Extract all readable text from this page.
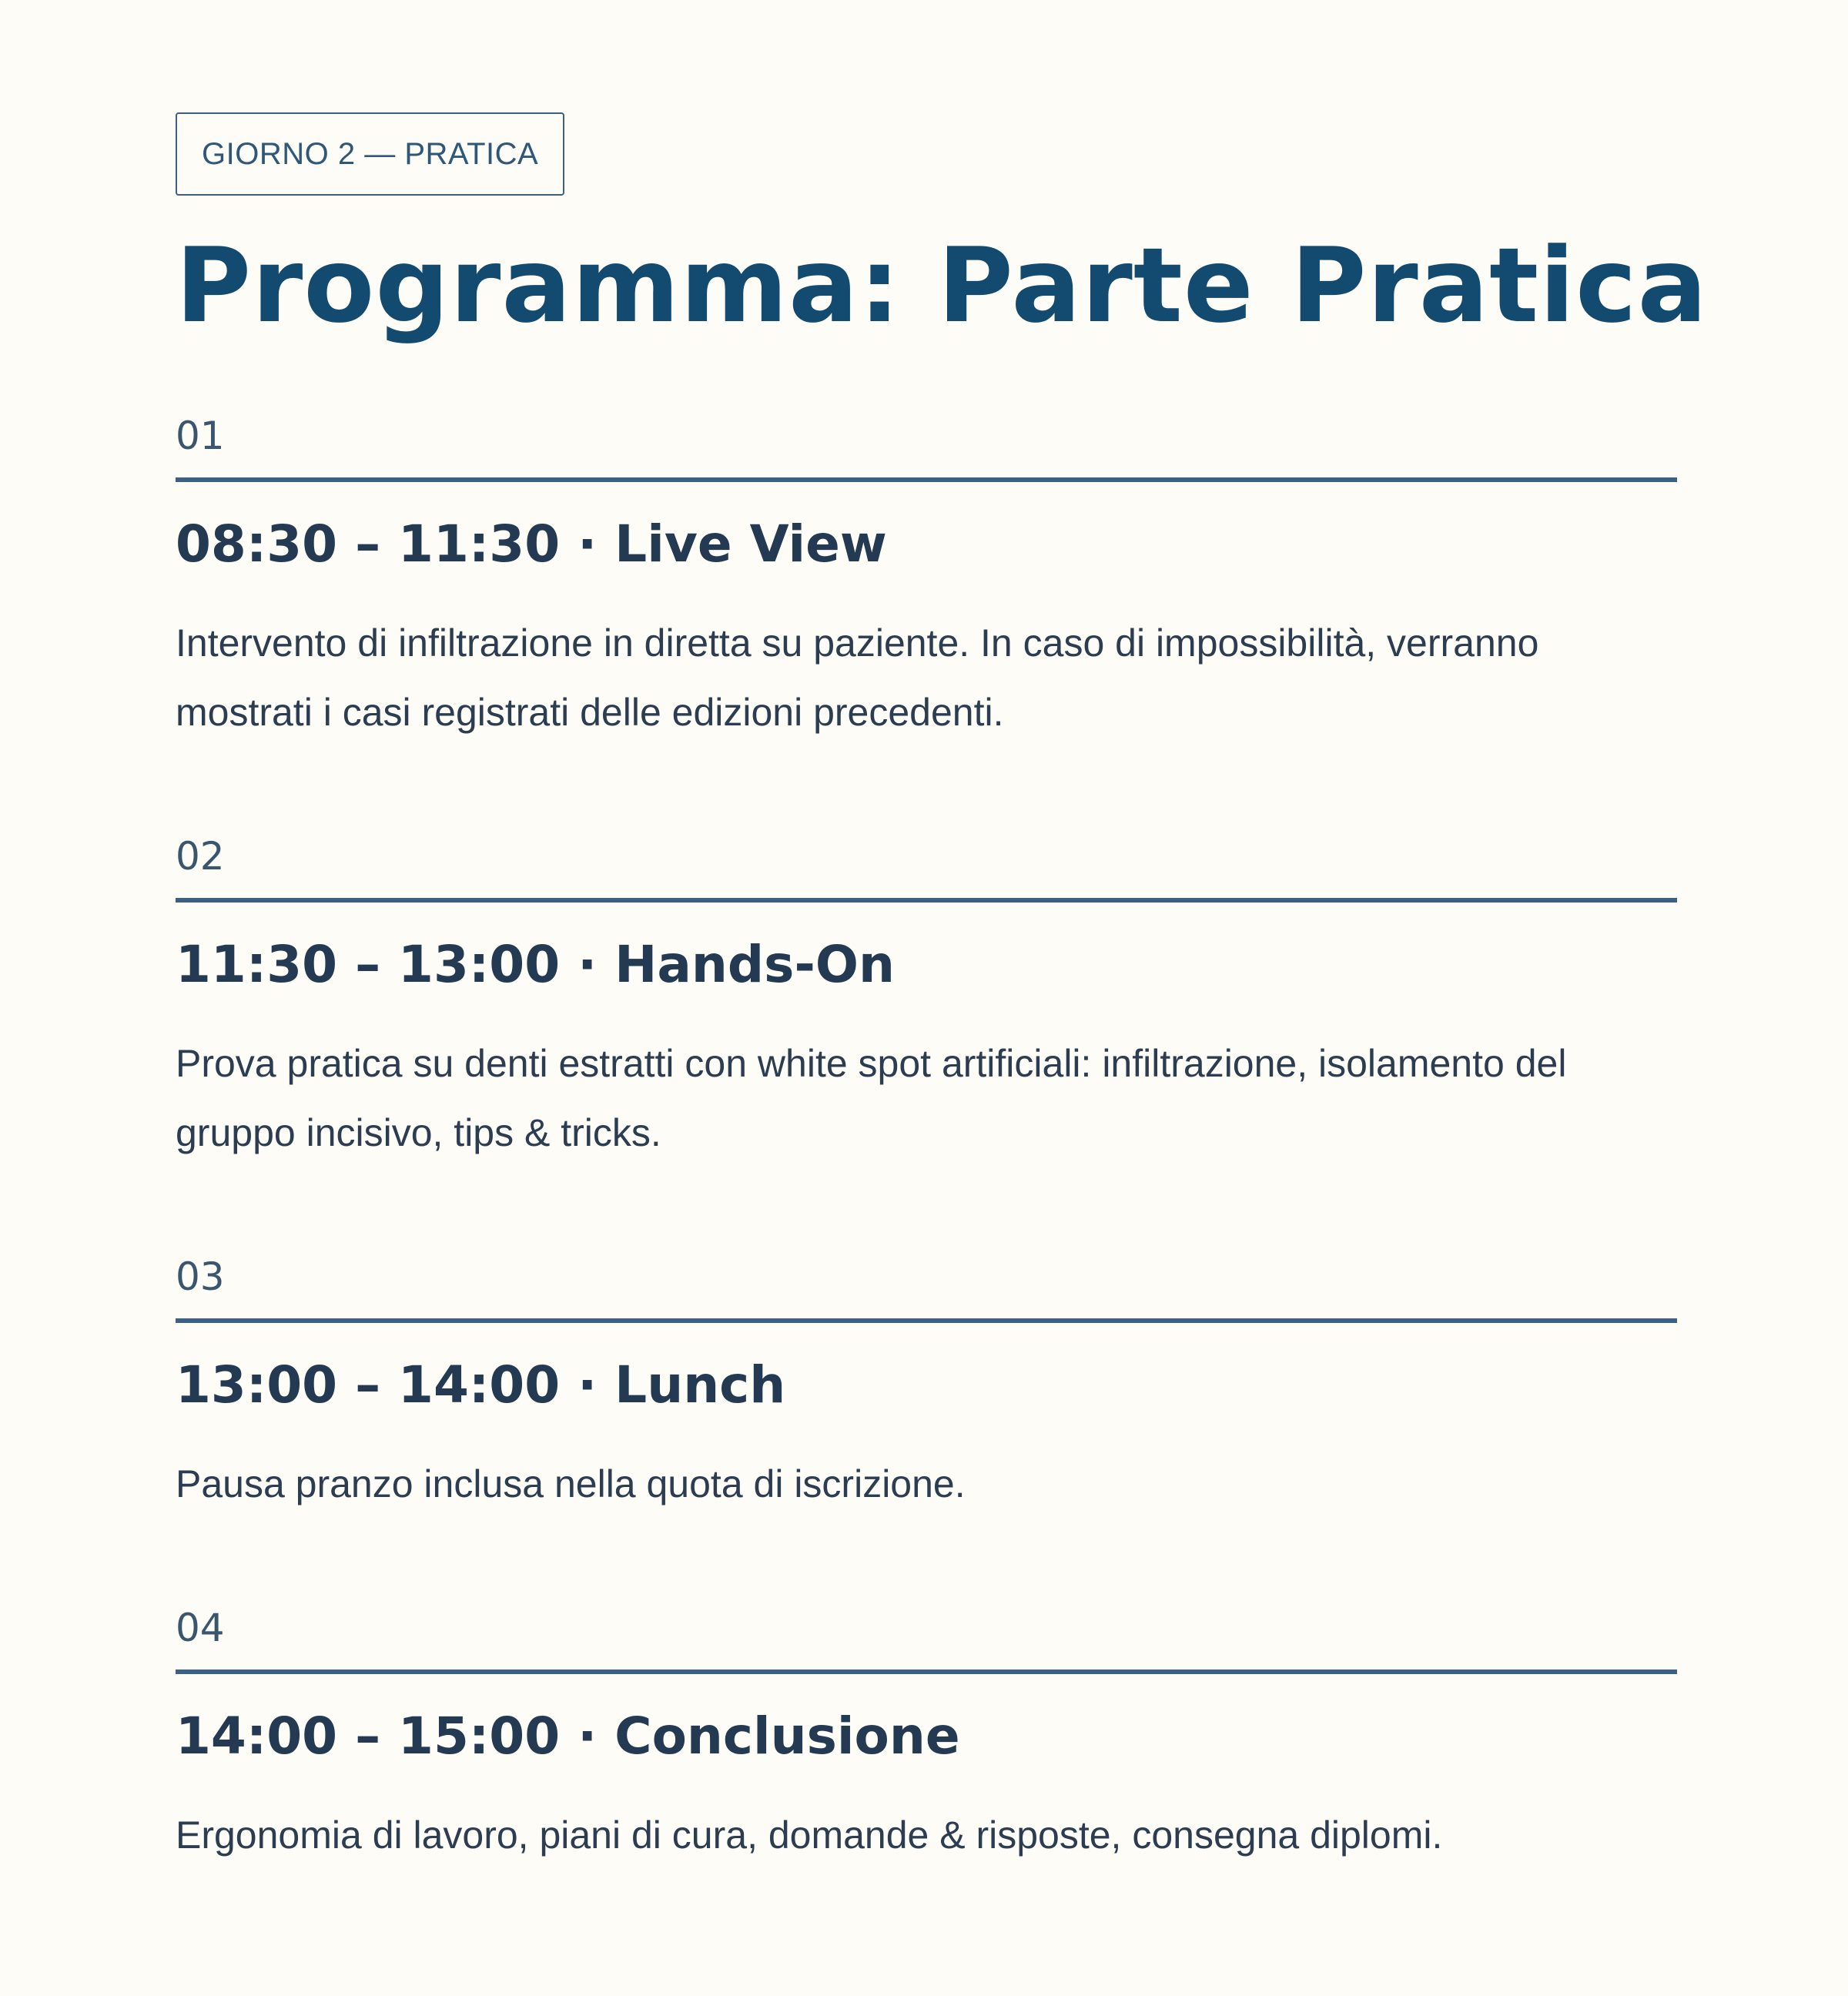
GIORNO 2 — PRATICA
Programma: Parte Pratica
01
08:30 – 11:30 · Live View
Intervento di infiltrazione in diretta su paziente. In caso di impossibilità, verranno mostrati i casi registrati delle edizioni precedenti.
02
11:30 – 13:00 · Hands-On
Prova pratica su denti estratti con white spot artificiali: infiltrazione, isolamento del gruppo incisivo, tips & tricks.
03
13:00 – 14:00 · Lunch
Pausa pranzo inclusa nella quota di iscrizione.
04
14:00 – 15:00 · Conclusione
Ergonomia di lavoro, piani di cura, domande & risposte, consegna diplomi.
